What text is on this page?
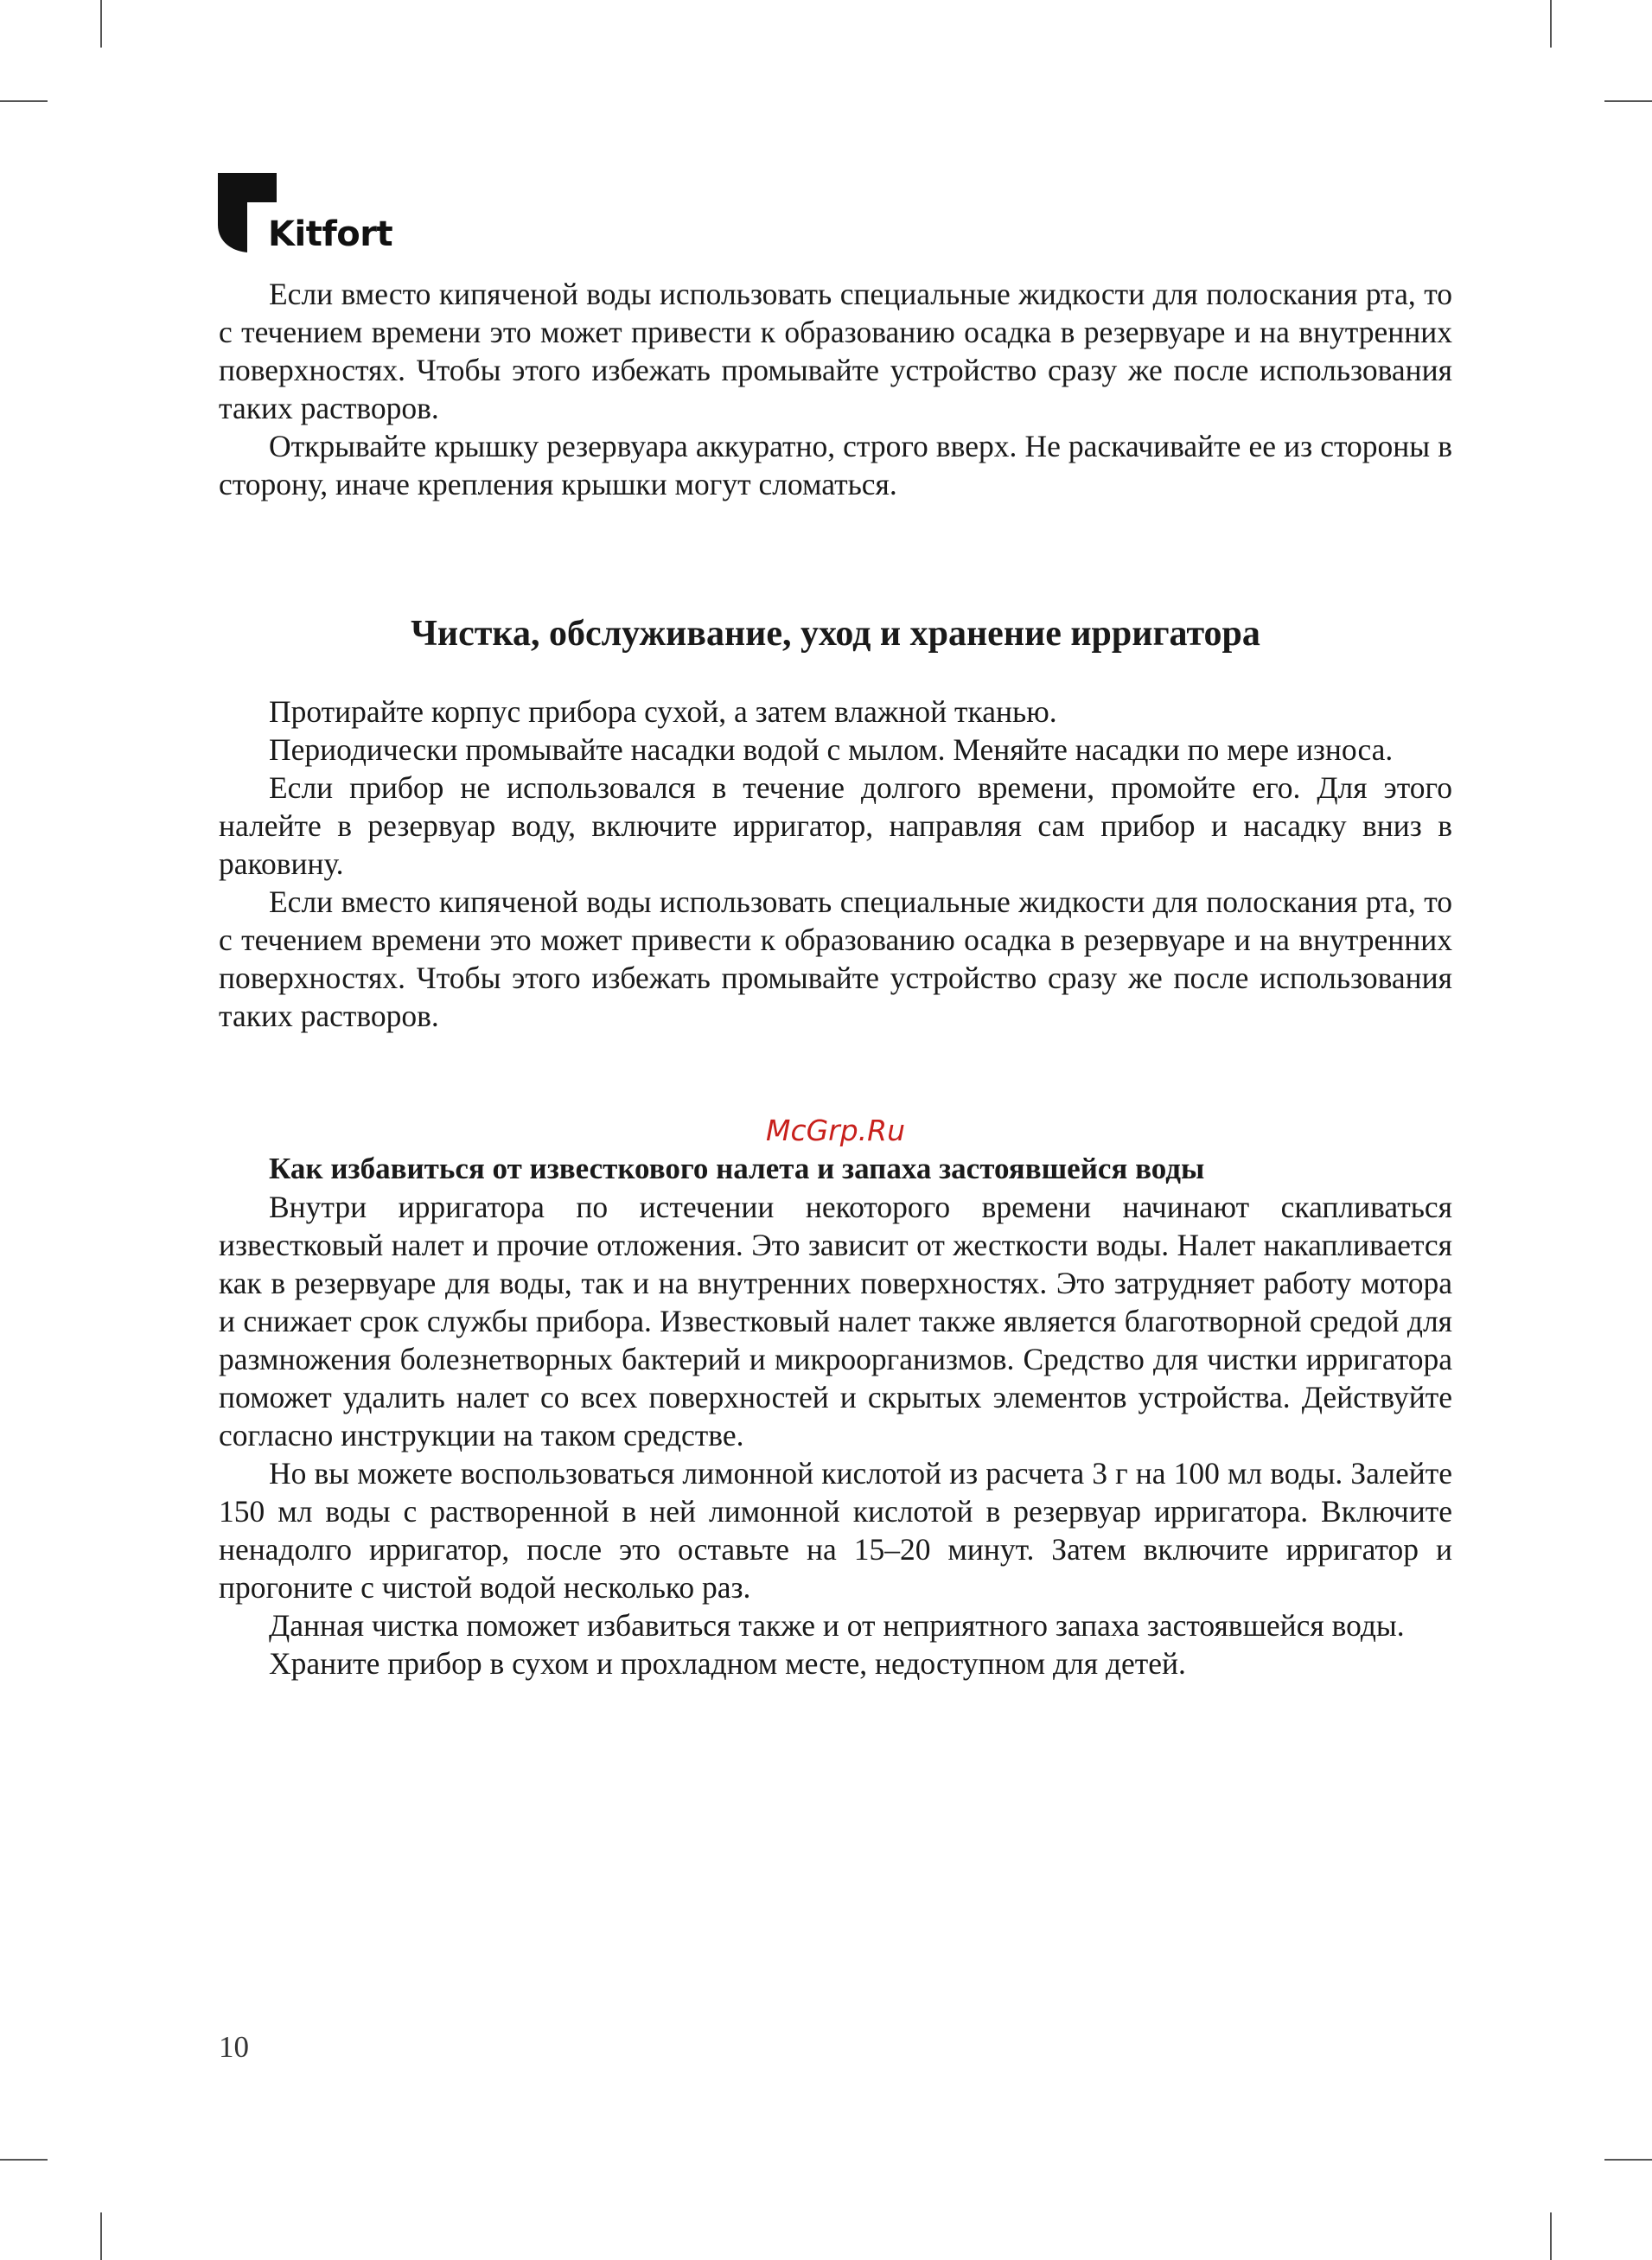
Kitfort

Если вместо кипяченой воды использовать специальные жидкости для полоскания рта, то с течением времени это может привести к образованию осадка в резервуаре и на внутренних поверхностях. Чтобы этого избежать промывайте устройство сразу же после использования таких растворов.

Открывайте крышку резервуара аккуратно, строго вверх. Не раскачивайте ее из стороны в сторону, иначе крепления крышки могут сломаться.

Чистка, обслуживание, уход и хранение ирригатора

Протирайте корпус прибора сухой, а затем влажной тканью.

Периодически промывайте насадки водой с мылом. Меняйте насадки по мере износа.

Если прибор не использовался в течение долгого времени, промойте его. Для этого налейте в резервуар воду, включите ирригатор, направляя сам прибор и насадку вниз в раковину.

Если вместо кипяченой воды использовать специальные жидкости для полоскания рта, то с течением времени это может привести к образованию осадка в резервуаре и на внутренних поверхностях. Чтобы этого избежать промывайте устройство сразу же после использования таких растворов.

McGrp.Ru

Как избавиться от известкового налета и запаха застоявшейся воды

Внутри ирригатора по истечении некоторого времени начинают скапливаться известковый налет и прочие отложения. Это зависит от жесткости воды. Налет накапливается как в резервуаре для воды, так и на внутренних поверхностях. Это затрудняет работу мотора и снижает срок службы прибора. Известковый налет также является благотворной средой для размножения болезнетворных бактерий и микроорганизмов. Средство для чистки ирригатора поможет удалить налет со всех поверхностей и скрытых элементов устройства. Действуйте согласно инструкции на таком средстве.

Но вы можете воспользоваться лимонной кислотой из расчета 3 г на 100 мл воды. Залейте 150 мл воды с растворенной в ней лимонной кислотой в резервуар ирригатора. Включите ненадолго ирригатор, после это оставьте на 15–20 минут. Затем включите ирригатор и прогоните с чистой водой несколько раз.

Данная чистка поможет избавиться также и от неприятного запаха застоявшейся воды.

Храните прибор в сухом и прохладном месте, недоступном для детей.

10
